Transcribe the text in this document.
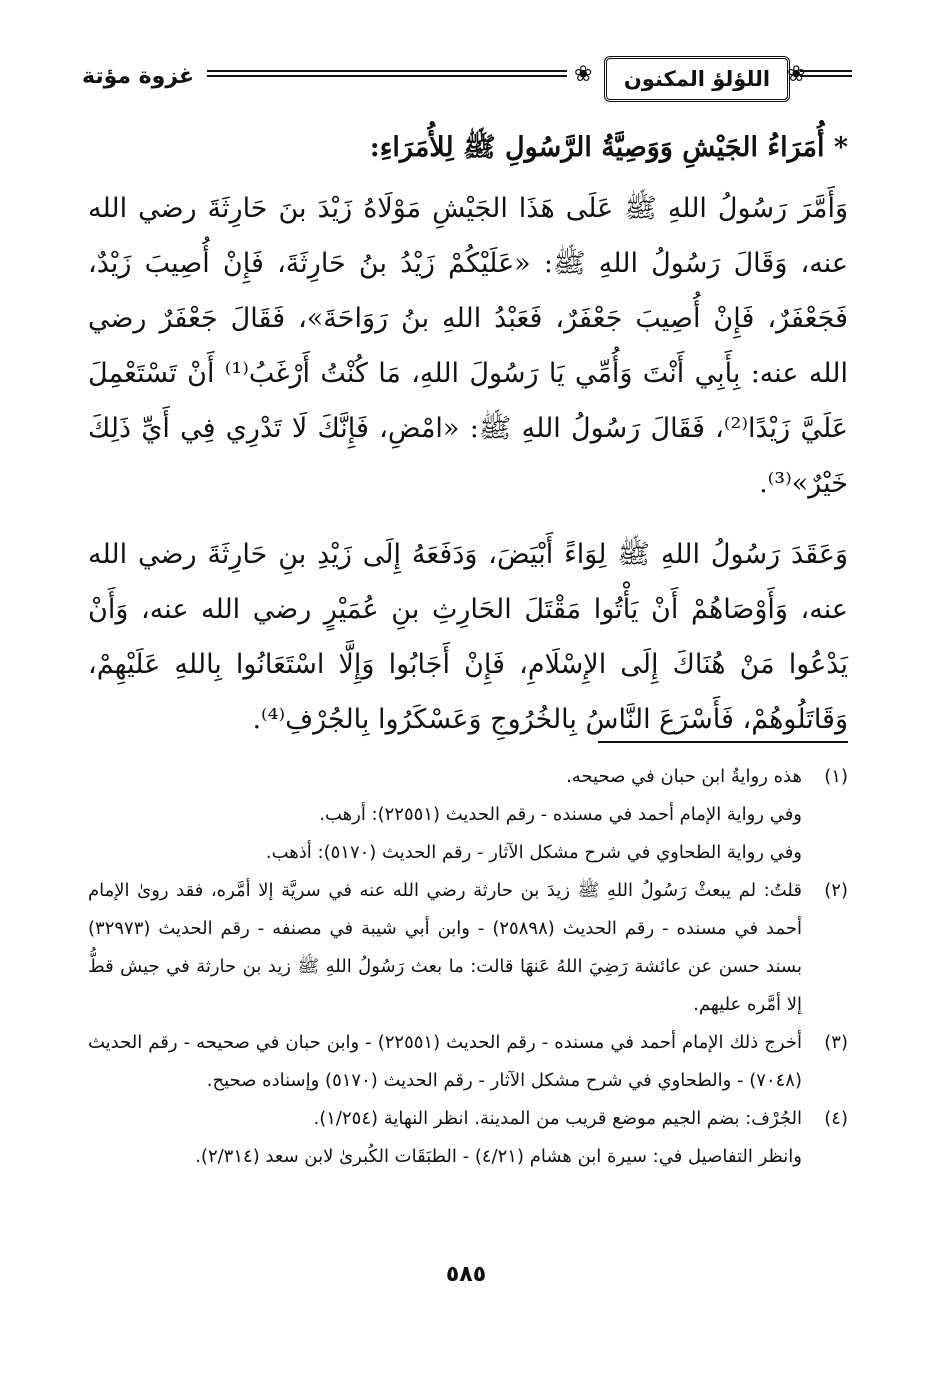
غزوة مؤتة	❀ اللؤلؤ المكنون ❀

* أُمَرَاءُ الجَيْشِ وَوَصِيَّةُ الرَّسُولِ ﷺ لِلأُمَرَاءِ:

وَأَمَّرَ رَسُولُ اللهِ ﷺ عَلَى هَذَا الجَيْشِ مَوْلَاهُ زَيْدَ بنَ حَارِثَةَ رضي الله عنه، وَقَالَ رَسُولُ اللهِ ﷺ: «عَلَيْكُمْ زَيْدُ بنُ حَارِثَةَ، فَإِنْ أُصِيبَ زَيْدٌ، فَجَعْفَرٌ، فَإِنْ أُصِيبَ جَعْفَرٌ، فَعَبْدُ اللهِ بنُ رَوَاحَةَ»، فَقَالَ جَعْفَرٌ رضي الله عنه: بِأَبِي أَنْتَ وَأُمِّي يَا رَسُولَ اللهِ، مَا كُنْتُ أَرْغَبُ⁽¹⁾ أَنْ تَسْتَعْمِلَ عَلَيَّ زَيْدًا⁽²⁾، فَقَالَ رَسُولُ اللهِ ﷺ: «امْضِ، فَإِنَّكَ لَا تَدْرِي فِي أَيِّ ذَلِكَ خَيْرٌ»⁽³⁾.

وَعَقَدَ رَسُولُ اللهِ ﷺ لِوَاءً أَبْيَضَ، وَدَفَعَهُ إِلَى زَيْدِ بنِ حَارِثَةَ رضي الله عنه، وَأَوْصَاهُمْ أَنْ يَأْتُوا مَقْتَلَ الحَارِثِ بنِ عُمَيْرٍ رضي الله عنه، وَأَنْ يَدْعُوا مَنْ هُنَاكَ إِلَى الإِسْلَامِ، فَإِنْ أَجَابُوا وَإِلَّا اسْتَعَانُوا بِاللهِ عَلَيْهِمْ، وَقَاتَلُوهُمْ، فَأَسْرَعَ النَّاسُ بِالخُرُوجِ وَعَسْكَرُوا بِالجُرْفِ⁽⁴⁾.

(١)
هذه روايةُ ابن حبان في صحيحه.
وفي رواية الإمام أحمد في مسنده - رقم الحديث (٢٢٥٥١): أرهب.
وفي رواية الطحاوي في شرح مشكل الآثار - رقم الحديث (٥١٧٠): أذهب.
(٢)
قلتُ: لم يبعثْ رَسُولُ اللهِ ﷺ زيدَ بن حارثة رضي الله عنه في سريَّة إلا أمَّره، فقد روىٰ الإمام أحمد في مسنده - رقم الحديث (٢٥٨٩٨) - وابن أبي شيبة في مصنفه - رقم الحديث (٣٢٩٧٣) بسند حسن عن عائشة رَضِيَ اللهُ عَنهَا قالت: ما بعث رَسُولُ اللهِ ﷺ زيد بن حارثة في جيش قطُّ إلا أمَّره عليهم.
(٣)
أخرج ذلك الإمام أحمد في مسنده - رقم الحديث (٢٢٥٥١) - وابن حبان في صحيحه - رقم الحديث (٧٠٤٨) - والطحاوي في شرح مشكل الآثار - رقم الحديث (٥١٧٠) وإسناده صحيح.
(٤)
الجُرْف: بضم الجيم موضع قريب من المدينة. انظر النهاية (١/٢٥٤).
وانظر التفاصيل في: سيرة ابن هشام (٤/٢١) - الطبَقَات الكُبرىٰ لابن سعد (٢/٣١٤).
٥٨٥
